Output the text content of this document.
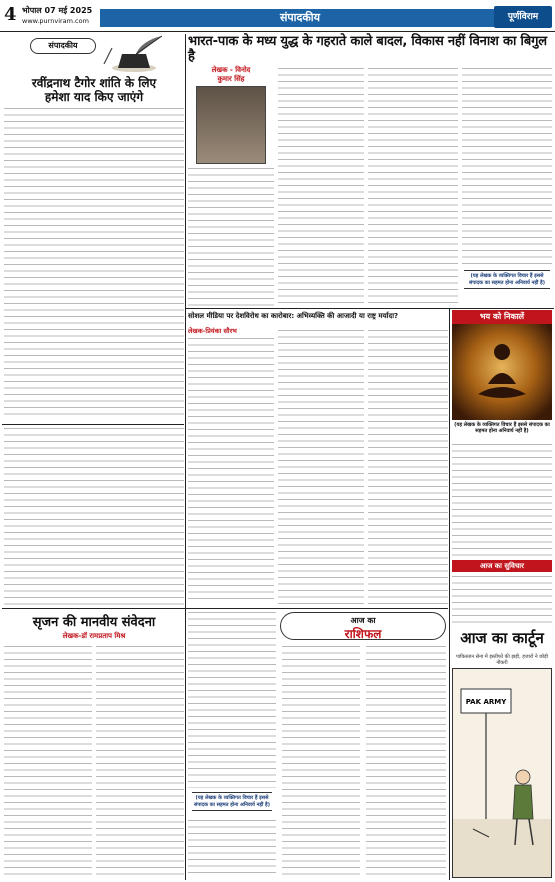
4 भोपाल 07 मई 2025
www.purnviram.com	संपादकीय	पूर्णविराम
संपादकीय
रवींद्रनाथ टैगोर शांति के लिए
हमेशा याद किए जाएंगे
सृजन की मानवीय संवेदना
लेखक-डॉ रामप्रताप मिश्र
(यह लेखक के व्यक्तिगत विचार हैं इससे संपादक का सहमत होना अनिवार्य नहीं है)
भारत-पाक के मध्य युद्ध के गहराते काले बादल, विकास नहीं विनाश का बिगुल है
लेखक - विनोद
कुमार सिंह
(यह लेखक के व्यक्तिगत विचार हैं इससे संपादक का सहमत होना अनिवार्य नहीं है)
सोशल मीडिया पर देशविरोध का कारोबार: अभिव्यक्ति की आजादी या राष्ट्र मर्यादा?
लेखक-प्रियंका सौरभ
भय को निकालें
(यह लेखक के व्यक्तिगत विचार हैं इससे संपादक का सहमत होना अनिवार्य नहीं है)
आज का सुविचार
आज का
राशिफल	आज का कार्टून
पाकिस्तान सेना में इस्तीफों की झड़ी, हजारों ने छोड़ी नौकरी
PAK ARMY
